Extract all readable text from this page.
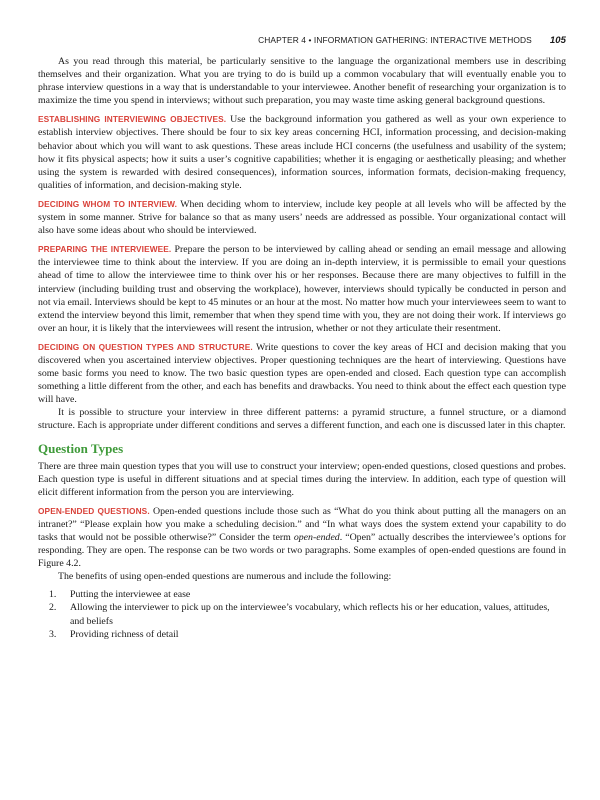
CHAPTER 4 • INFORMATION GATHERING: INTERACTIVE METHODS 105

As you read through this material, be particularly sensitive to the language the organizational members use in describing themselves and their organization. What you are trying to do is build up a common vocabulary that will eventually enable you to phrase interview questions in a way that is understandable to your interviewee. Another benefit of researching your organization is to maximize the time you spend in interviews; without such preparation, you may waste time asking general background questions.

ESTABLISHING INTERVIEWING OBJECTIVES. Use the background information you gathered as well as your own experience to establish interview objectives. There should be four to six key areas concerning HCI, information processing, and decision-making behavior about which you will want to ask questions. These areas include HCI concerns (the usefulness and usability of the system; how it fits physical aspects; how it suits a user’s cognitive capabilities; whether it is engaging or aesthetically pleasing; and whether using the system is rewarded with desired consequences), information sources, information formats, decision-making frequency, qualities of information, and decision-making style.

DECIDING WHOM TO INTERVIEW. When deciding whom to interview, include key people at all levels who will be affected by the system in some manner. Strive for balance so that as many users’ needs are addressed as possible. Your organizational contact will also have some ideas about who should be interviewed.

PREPARING THE INTERVIEWEE. Prepare the person to be interviewed by calling ahead or sending an email message and allowing the interviewee time to think about the interview. If you are doing an in-depth interview, it is permissible to email your questions ahead of time to allow the interviewee time to think over his or her responses. Because there are many objectives to fulfill in the interview (including building trust and observing the workplace), however, interviews should typically be conducted in person and not via email. Interviews should be kept to 45 minutes or an hour at the most. No matter how much your interviewees seem to want to extend the interview beyond this limit, remember that when they spend time with you, they are not doing their work. If interviews go over an hour, it is likely that the interviewees will resent the intrusion, whether or not they articulate their resentment.

DECIDING ON QUESTION TYPES AND STRUCTURE. Write questions to cover the key areas of HCI and decision making that you discovered when you ascertained interview objectives. Proper questioning techniques are the heart of interviewing. Questions have some basic forms you need to know. The two basic question types are open-ended and closed. Each question type can accomplish something a little different from the other, and each has benefits and drawbacks. You need to think about the effect each question type will have.

It is possible to structure your interview in three different patterns: a pyramid structure, a funnel structure, or a diamond structure. Each is appropriate under different conditions and serves a different function, and each one is discussed later in this chapter.

Question Types

There are three main question types that you will use to construct your interview; open-ended questions, closed questions and probes. Each question type is useful in different situations and at special times during the interview. In addition, each type of question will elicit different information from the person you are interviewing.

OPEN-ENDED QUESTIONS. Open-ended questions include those such as “What do you think about putting all the managers on an intranet?” “Please explain how you make a scheduling decision.” and “In what ways does the system extend your capability to do tasks that would not be possible otherwise?” Consider the term open-ended. “Open” actually describes the interviewee’s options for responding. They are open. The response can be two words or two paragraphs. Some examples of open-ended questions are found in Figure 4.2.

The benefits of using open-ended questions are numerous and include the following:

1.	Putting the interviewee at ease
2.	Allowing the interviewer to pick up on the interviewee’s vocabulary, which reflects his or her education, values, attitudes, and beliefs
3.	Providing richness of detail
